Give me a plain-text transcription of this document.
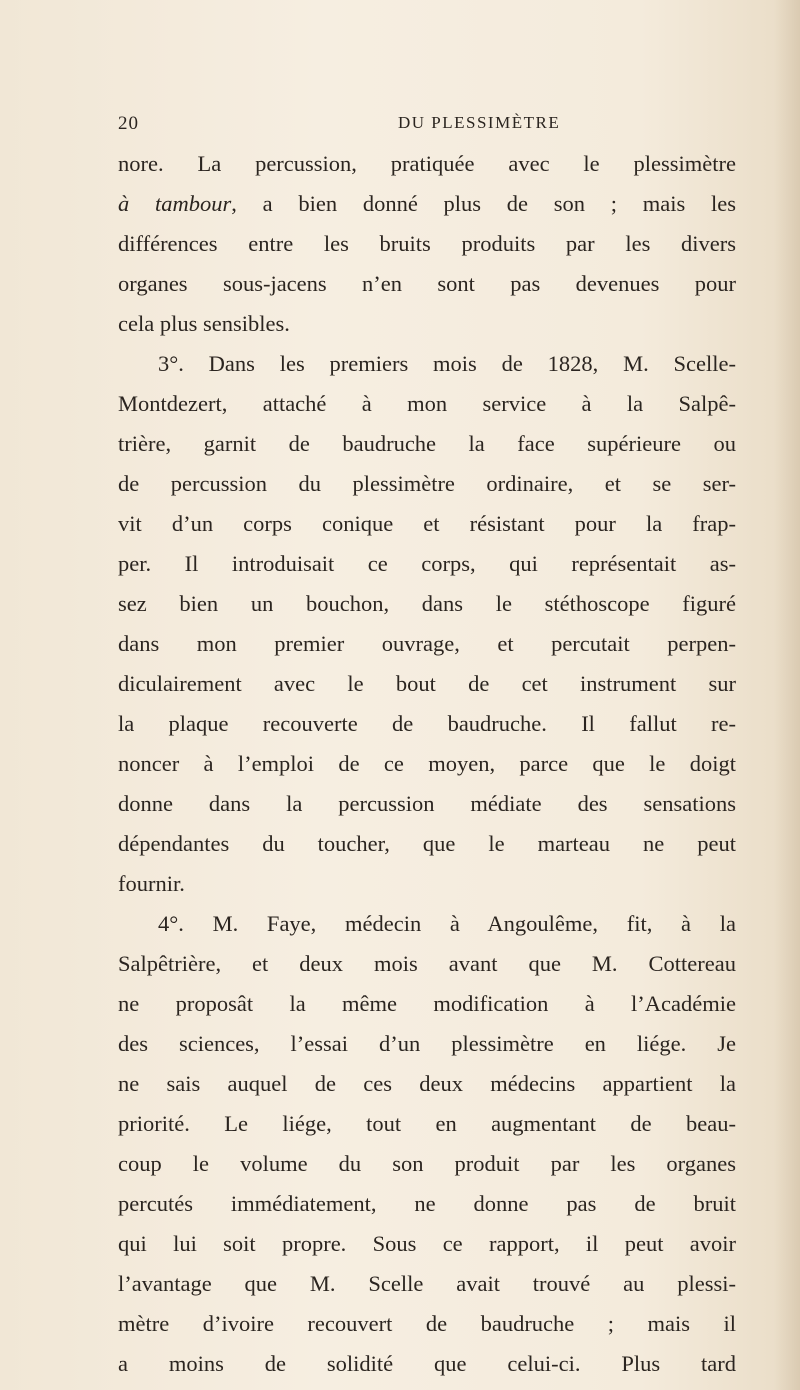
20	DU PLESSIMÈTRE
nore. La percussion, pratiquée avec le plessimètre
à tambour, a bien donné plus de son ; mais les
différences entre les bruits produits par les divers
organes sous-jacens n’en sont pas devenues pour
cela plus sensibles.
3°. Dans les premiers mois de 1828, M. Scelle-
Montdezert, attaché à mon service à la Salpê-
trière, garnit de baudruche la face supérieure ou
de percussion du plessimètre ordinaire, et se ser-
vit d’un corps conique et résistant pour la frap-
per. Il introduisait ce corps, qui représentait as-
sez bien un bouchon, dans le stéthoscope figuré
dans mon premier ouvrage, et percutait perpen-
diculairement avec le bout de cet instrument sur
la plaque recouverte de baudruche. Il fallut re-
noncer à l’emploi de ce moyen, parce que le doigt
donne dans la percussion médiate des sensations
dépendantes du toucher, que le marteau ne peut
fournir.
4°. M. Faye, médecin à Angoulême, fit, à la
Salpêtrière, et deux mois avant que M. Cottereau
ne proposât la même modification à l’Académie
des sciences, l’essai d’un plessimètre en liége. Je
ne sais auquel de ces deux médecins appartient la
priorité. Le liége, tout en augmentant de beau-
coup le volume du son produit par les organes
percutés immédiatement, ne donne pas de bruit
qui lui soit propre. Sous ce rapport, il peut avoir
l’avantage que M. Scelle avait trouvé au plessi-
mètre d’ivoire recouvert de baudruche ; mais il
a moins de solidité que celui-ci. Plus tard
